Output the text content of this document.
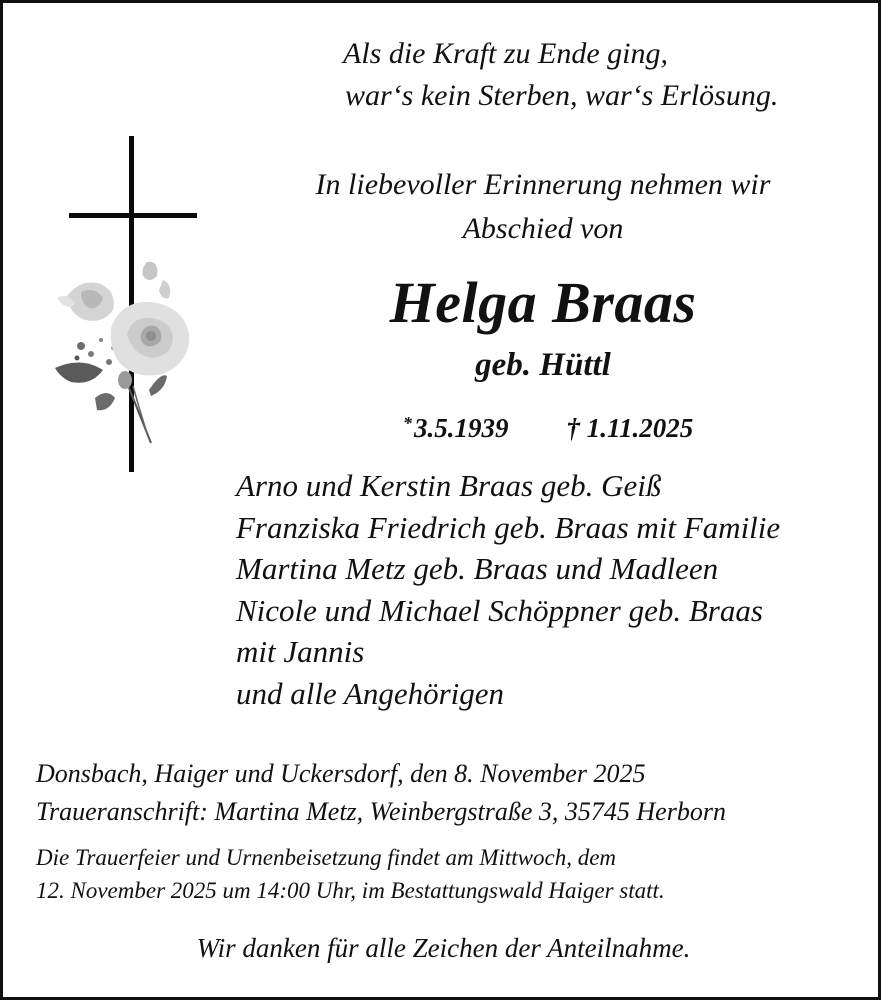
Als die Kraft zu Ende ging,
war‘s kein Sterben, war‘s Erlösung.
In liebevoller Erinnerung nehmen wir
Abschied von
Helga Braas
geb. Hüttl
*3.5.1939 † 1.11.2025
Arno und Kerstin Braas geb. Geiß
Franziska Friedrich geb. Braas mit Familie
Martina Metz geb. Braas und Madleen
Nicole und Michael Schöppner geb. Braas
mit Jannis
und alle Angehörigen
Donsbach, Haiger und Uckersdorf, den 8. November 2025
Traueranschrift: Martina Metz, Weinbergstraße 3, 35745 Herborn
Die Trauerfeier und Urnenbeisetzung findet am Mittwoch, dem
12. November 2025 um 14:00 Uhr, im Bestattungswald Haiger statt.
Wir danken für alle Zeichen der Anteilnahme.
